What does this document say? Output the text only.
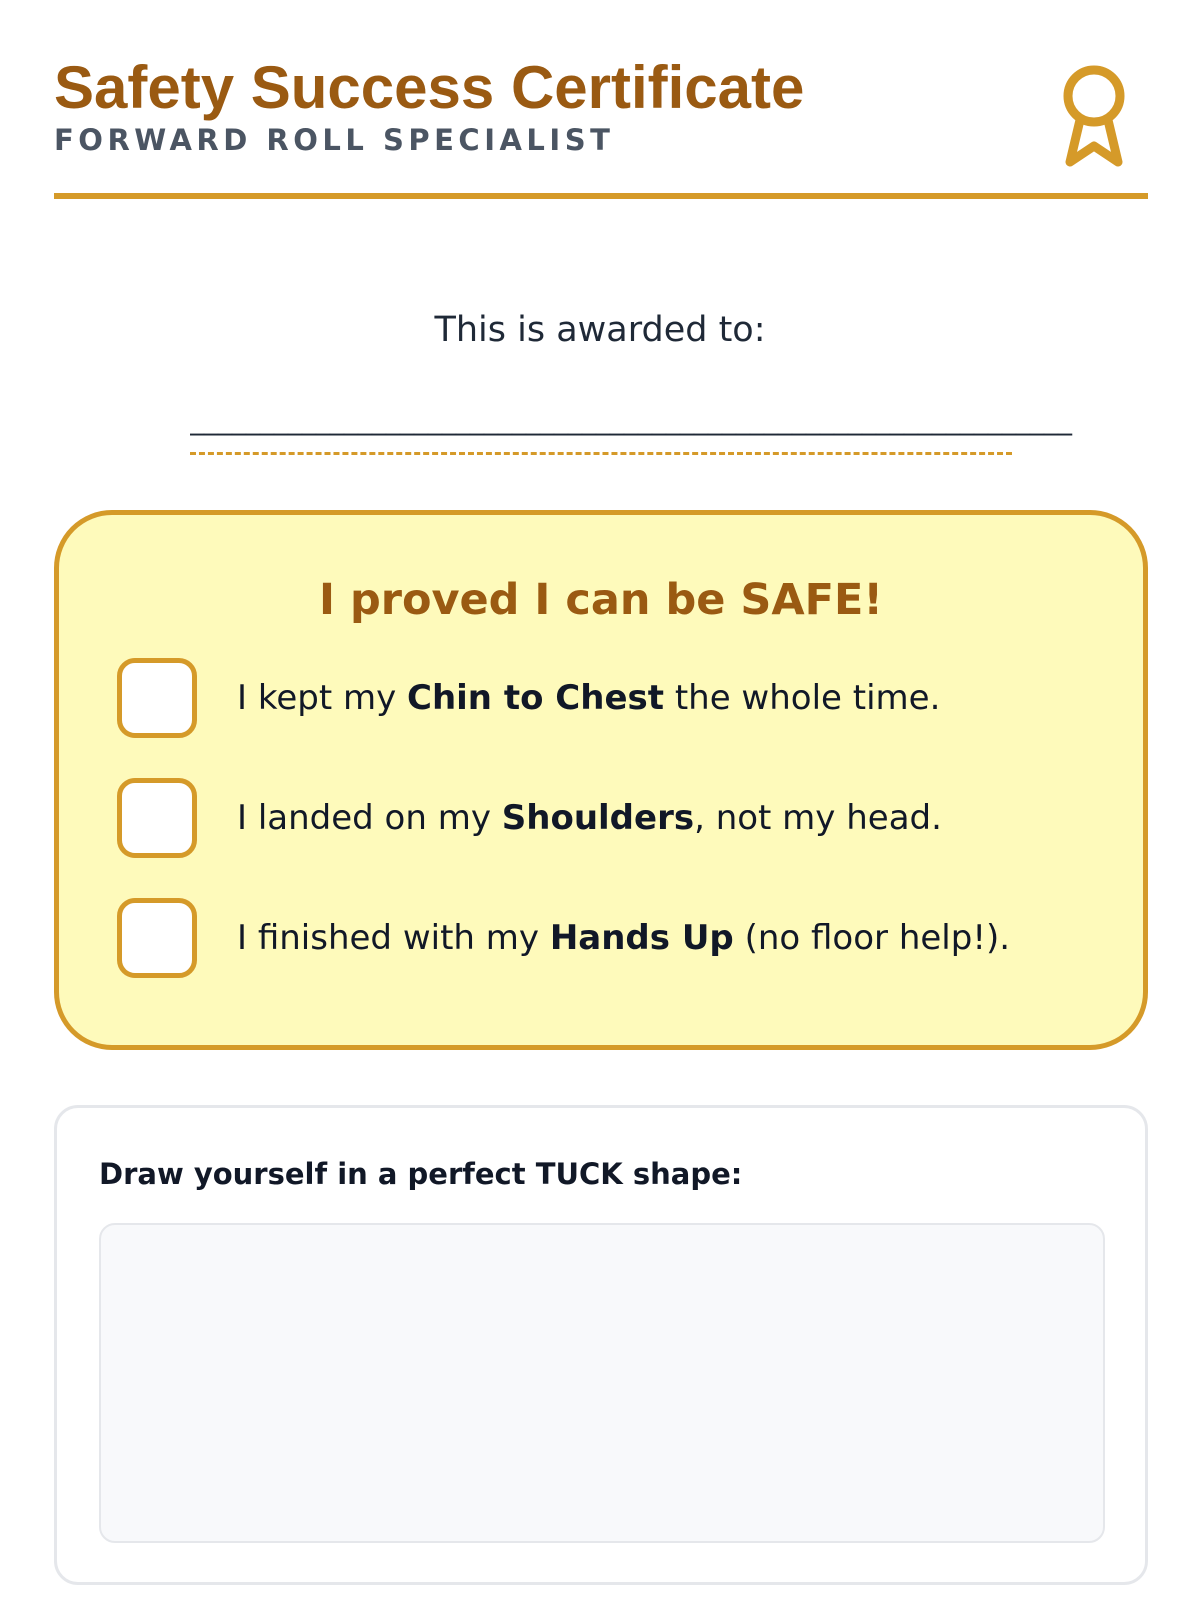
Safety Success Certificate
FORWARD ROLL SPECIALIST
This is awarded to:
_______________________________________________________________
I proved I can be SAFE!
I kept my Chin to Chest the whole time.
I landed on my Shoulders, not my head.
I finished with my Hands Up (no floor help!).
Draw yourself in a perfect TUCK shape:
